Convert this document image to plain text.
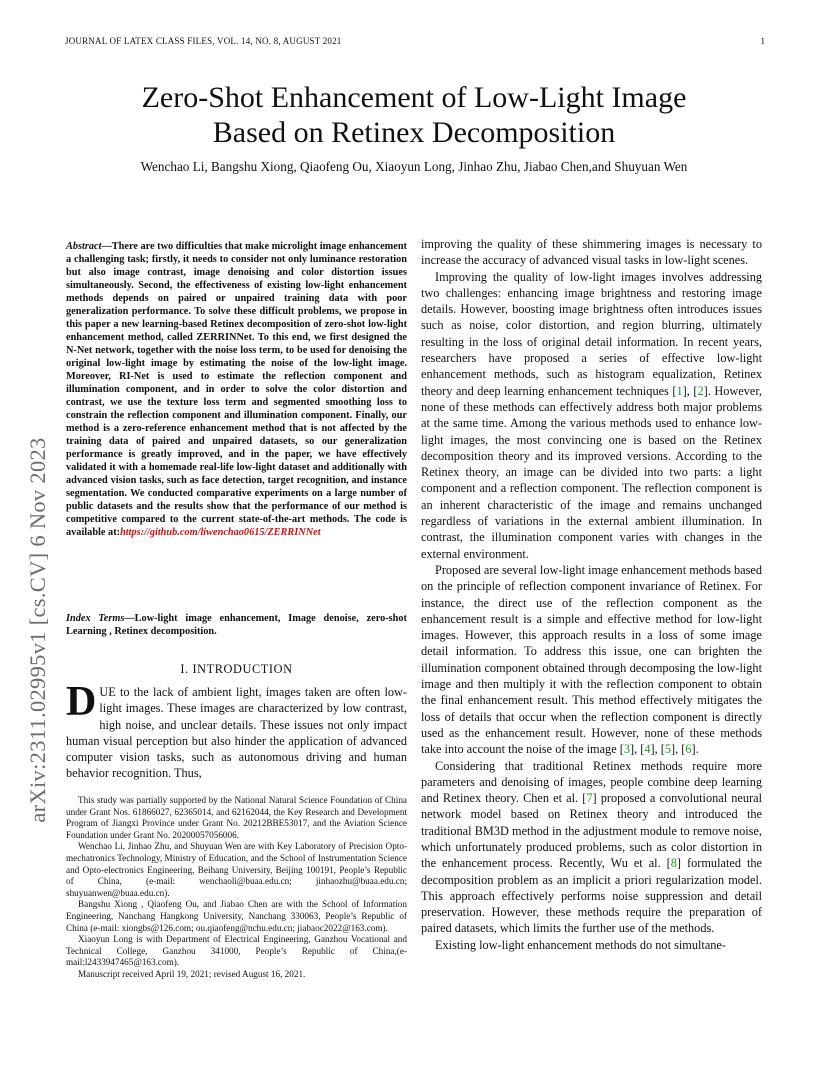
JOURNAL OF LATEX CLASS FILES, VOL. 14, NO. 8, AUGUST 2021	1
Zero-Shot Enhancement of Low-Light Image
Based on Retinex Decomposition
Wenchao Li, Bangshu Xiong, Qiaofeng Ou, Xiaoyun Long, Jinhao Zhu, Jiabao Chen,and Shuyuan Wen
arXiv:2311.02995v1 [cs.CV] 6 Nov 2023

Abstract—There are two difficulties that make microlight image enhancement a challenging task; firstly, it needs to consider not only luminance restoration but also image contrast, image denoising and color distortion issues simultaneously. Second, the effectiveness of existing low-light enhancement methods depends on paired or unpaired training data with poor generalization performance. To solve these difficult problems, we propose in this paper a new learning-based Retinex decomposition of zero-shot low-light enhancement method, called ZERRINNet. To this end, we first designed the N-Net network, together with the noise loss term, to be used for denoising the original low-light image by estimating the noise of the low-light image. Moreover, RI-Net is used to estimate the reflection component and illumination component, and in order to solve the color distortion and contrast, we use the texture loss term and segmented smoothing loss to constrain the reflection component and illumination component. Finally, our method is a zero-reference enhancement method that is not affected by the training data of paired and unpaired datasets, so our generalization performance is greatly improved, and in the paper, we have effectively validated it with a homemade real-life low-light dataset and additionally with advanced vision tasks, such as face detection, target recognition, and instance segmentation. We conducted comparative experiments on a large number of public datasets and the results show that the performance of our method is competitive compared to the current state-of-the-art methods. The code is available at:https://github.com/liwenchao0615/ZERRINNet

Index Terms—Low-light image enhancement, Image denoise, zero-shot Learning , Retinex decomposition.

I. INTRODUCTION

DUE to the lack of ambient light, images taken are often low-light images. These images are characterized by low contrast, high noise, and unclear details. These issues not only impact human visual perception but also hinder the application of advanced computer vision tasks, such as autonomous driving and human behavior recognition. Thus,

This study was partially supported by the National Natural Science Foundation of China under Grant Nos. 61866027, 62365014, and 62162044, the Key Research and Development Program of Jiangxi Province under Grant No. 20212BBE53017, and the Aviation Science Foundation under Grant No. 20200057056006.

Wenchao Li, Jinhao Zhu, and Shuyuan Wen are with Key Laboratory of Precision Opto-mechatronics Technology, Ministry of Education, and the School of Instrumentation Science and Opto-electronics Engineering, Beihang University, Beijing 100191, People’s Republic of China, (e-mail: wenchaoli@buaa.edu.cn; jinhaozhu@buaa.edu.cn; shuyuanwen@buaa.edu.cn).

Bangshu Xiong , Qiaofeng Ou, and Jiabao Chen are with the School of Information Engineering, Nanchang Hangkong University, Nanchang 330063, People’s Republic of China (e-mail: xiongbs@126.com; ou.qiaofeng@nchu.edu.cn; jiabaoc2022@163.com).

Xiaoyun Long is with Department of Electrical Engineering, Ganzhou Vocational and Technical College, Ganzhou 341000, People’s Republic of China,(e-mail:l2433947465@163.com).

Manuscript received April 19, 2021; revised August 16, 2021.

improving the quality of these shimmering images is necessary to increase the accuracy of advanced visual tasks in low-light scenes.

Improving the quality of low-light images involves addressing two challenges: enhancing image brightness and restoring image details. However, boosting image brightness often introduces issues such as noise, color distortion, and region blurring, ultimately resulting in the loss of original detail information. In recent years, researchers have proposed a series of effective low-light enhancement methods, such as histogram equalization, Retinex theory and deep learning enhancement techniques [1], [2]. However, none of these methods can effectively address both major problems at the same time. Among the various methods used to enhance low-light images, the most convincing one is based on the Retinex decomposition theory and its improved versions. According to the Retinex theory, an image can be divided into two parts: a light component and a reflection component. The reflection component is an inherent characteristic of the image and remains unchanged regardless of variations in the external ambient illumination. In contrast, the illumination component varies with changes in the external environment.

Proposed are several low-light image enhancement methods based on the principle of reflection component invariance of Retinex. For instance, the direct use of the reflection component as the enhancement result is a simple and effective method for low-light images. However, this approach results in a loss of some image detail information. To address this issue, one can brighten the illumination component obtained through decomposing the low-light image and then multiply it with the reflection component to obtain the final enhancement result. This method effectively mitigates the loss of details that occur when the reflection component is directly used as the enhancement result. However, none of these methods take into account the noise of the image [3], [4], [5], [6].

Considering that traditional Retinex methods require more parameters and denoising of images, people combine deep learning and Retinex theory. Chen et al. [7] proposed a convolutional neural network model based on Retinex theory and introduced the traditional BM3D method in the adjustment module to remove noise, which unfortunately produced problems, such as color distortion in the enhancement process. Recently, Wu et al. [8] formulated the decomposition problem as an implicit a priori regularization model. This approach effectively performs noise suppression and detail preservation. However, these methods require the preparation of paired datasets, which limits the further use of the methods.

Existing low-light enhancement methods do not simultane-
